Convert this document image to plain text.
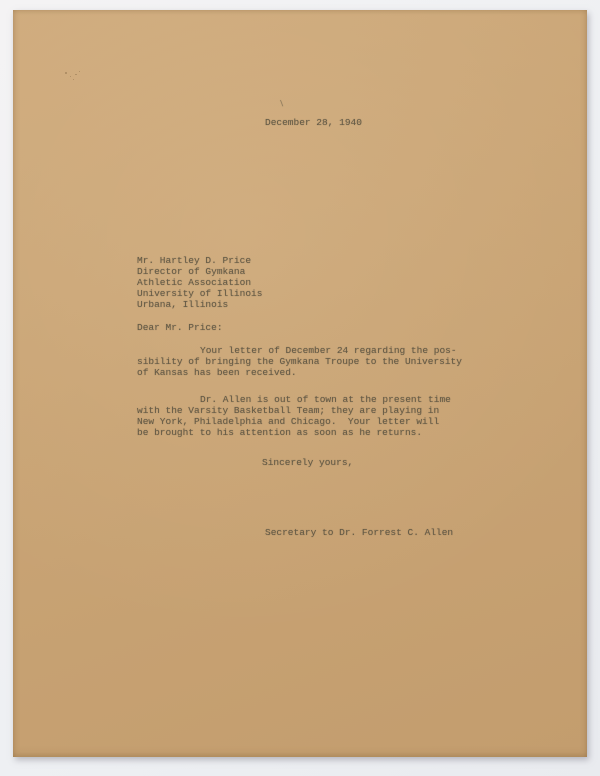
\
December 28, 1940
Mr. Hartley D. Price
Director of Gymkana
Athletic Association
University of Illinois
Urbana, Illinois
Dear Mr. Price:
Your letter of December 24 regarding the pos-
sibility of bringing the Gymkana Troupe to the University
of Kansas has been received.
Dr. Allen is out of town at the present time
with the Varsity Basketball Team; they are playing in
New York, Philadelphia and Chicago.  Your letter will
be brought to his attention as soon as he returns.
Sincerely yours,
Secretary to Dr. Forrest C. Allen
